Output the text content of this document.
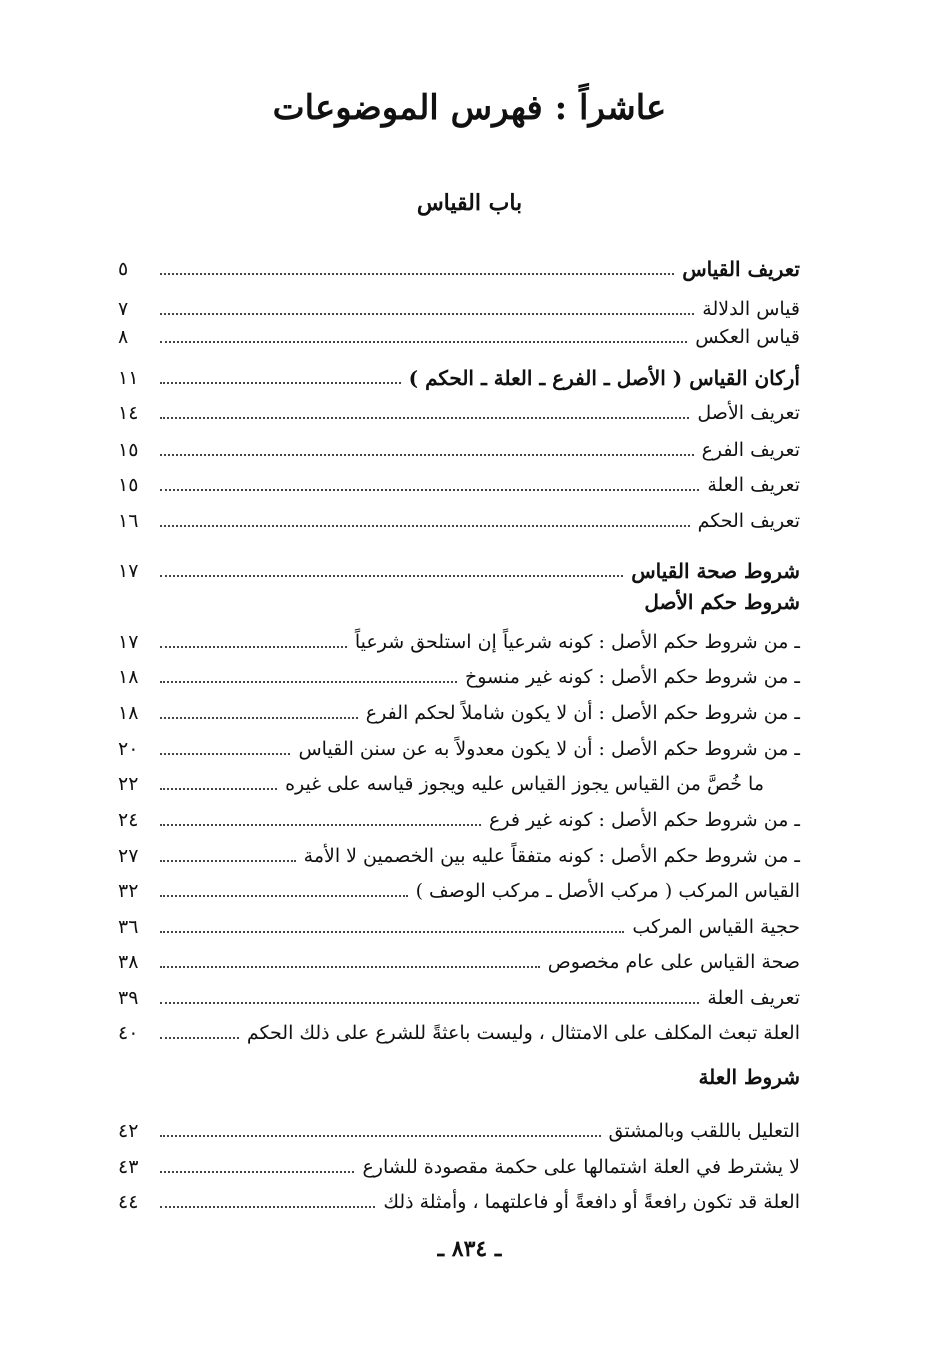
عاشراً : فهرس الموضوعات
باب القياس
تعريف القياس
٥
قياس الدلالة
٧
قياس العكس
٨
أركان القياس ( الأصل ـ الفرع ـ العلة ـ الحكم )
١١
تعريف الأصل
١٤
تعريف الفرع
١٥
تعريف العلة
١٥
تعريف الحكم
١٦
شروط صحة القياس
١٧
شروط حكم الأصل
ـ من شروط حكم الأصل : كونه شرعياً إن استلحق شرعياً
١٧
ـ من شروط حكم الأصل : كونه غير منسوخ
١٨
ـ من شروط حكم الأصل : أن لا يكون شاملاً لحكم الفرع
١٨
ـ من شروط حكم الأصل : أن لا يكون معدولاً به عن سنن القياس
٢٠
ما خُصَّ من القياس يجوز القياس عليه ويجوز قياسه على غيره
٢٢
ـ من شروط حكم الأصل : كونه غير فرع
٢٤
ـ من شروط حكم الأصل : كونه متفقاً عليه بين الخصمين لا الأمة
٢٧
القياس المركب ( مركب الأصل ـ مركب الوصف )
٣٢
حجية القياس المركب
٣٦
صحة القياس على عام مخصوص
٣٨
تعريف العلة
٣٩
العلة تبعث المكلف على الامتثال ، وليست باعثةً للشرع على ذلك الحكم
٤٠
شروط العلة
التعليل باللقب وبالمشتق
٤٢
لا يشترط في العلة اشتمالها على حكمة مقصودة للشارع
٤٣
العلة قد تكون رافعةً أو دافعةً أو فاعلتهما ، وأمثلة ذلك
٤٤
ـ ٨٣٤ ـ
